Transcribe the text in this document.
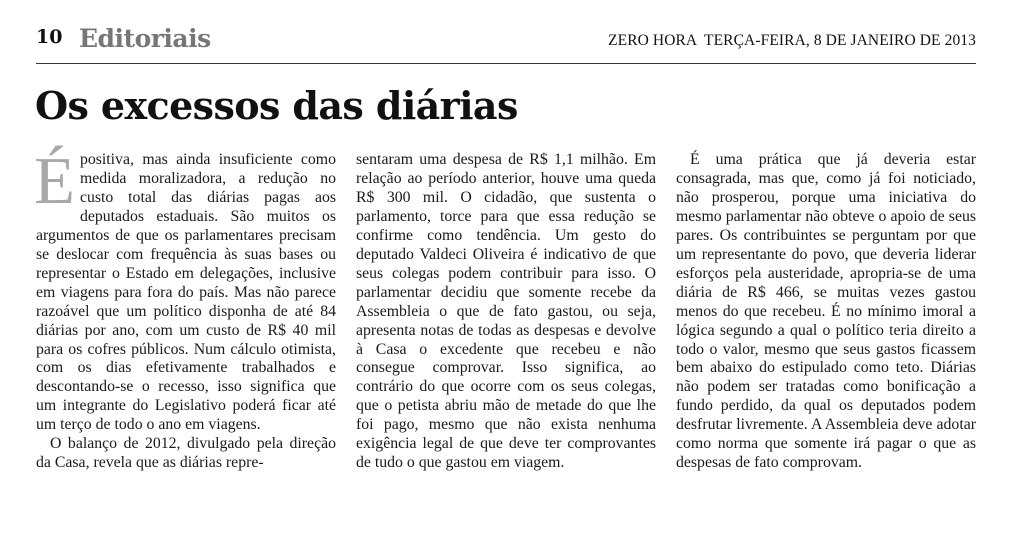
10 Editoriais	ZERO HORA  TERÇA-FEIRA, 8 DE JANEIRO DE 2013
Os excessos das diárias

Épositiva, mas ainda insuficiente como medida moralizadora, a redução no custo total das diárias pagas aos deputados estaduais. São muitos os argumentos de que os parlamentares precisam se deslocar com frequência às suas bases ou representar o Estado em delegações, inclusive em viagens para fora do país. Mas não parece razoável que um político disponha de até 84 diárias por ano, com um custo de R$ 40 mil para os cofres públicos. Num cálculo otimista, com os dias efetivamente trabalhados e descontando-se o recesso, isso significa que um integrante do Legislativo poderá ficar até um terço de todo o ano em viagens.

O balanço de 2012, divulgado pela direção da Casa, revela que as diárias repre-

sentaram uma despesa de R$ 1,1 milhão. Em relação ao período anterior, houve uma queda R$ 300 mil. O cidadão, que sustenta o parlamento, torce para que essa redução se confirme como tendência. Um gesto do deputado Valdeci Oliveira é indicativo de que seus colegas podem contribuir para isso. O parlamentar decidiu que somente recebe da Assembleia o que de fato gastou, ou seja, apresenta notas de todas as despesas e devolve à Casa o excedente que recebeu e não consegue comprovar. Isso significa, ao contrário do que ocorre com os seus colegas, que o petista abriu mão de metade do que lhe foi pago, mesmo que não exista nenhuma exigência legal de que deve ter comprovantes de tudo o que gastou em viagem.

É uma prática que já deveria estar consagrada, mas que, como já foi noticiado, não prosperou, porque uma iniciativa do mesmo parlamentar não obteve o apoio de seus pares. Os contribuintes se perguntam por que um representante do povo, que deveria liderar esforços pela austeridade, apropria-se de uma diária de R$ 466, se muitas vezes gastou menos do que recebeu. É no mínimo imoral a lógica segundo a qual o político teria direito a todo o valor, mesmo que seus gastos ficassem bem abaixo do estipulado como teto. Diárias não podem ser tratadas como bonificação a fundo perdido, da qual os deputados podem desfrutar livremente. A Assembleia deve adotar como norma que somente irá pagar o que as despesas de fato comprovam.
